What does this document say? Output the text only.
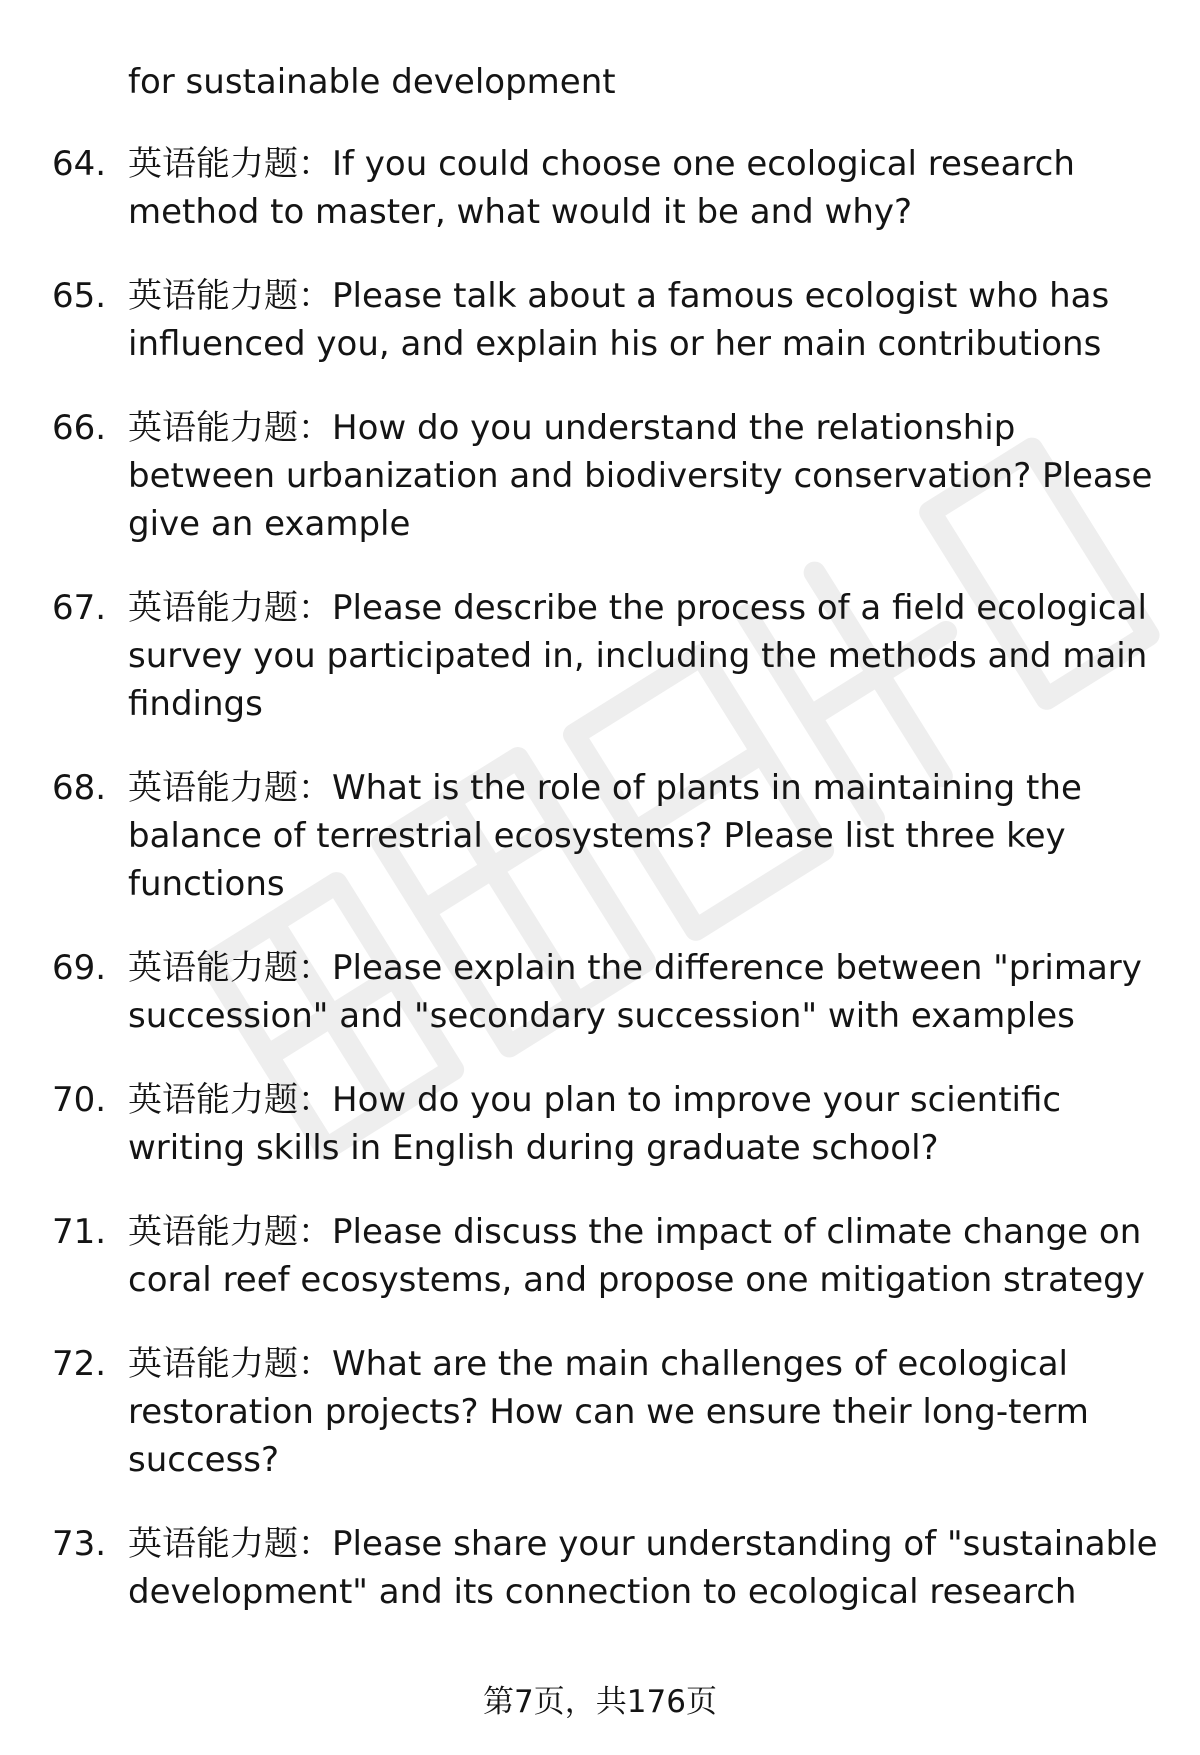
for sustainable development

64. 英语能力题：If you could choose one ecological research method to master, what would it be and why?
65. 英语能力题：Please talk about a famous ecologist who has influenced you, and explain his or her main contributions
66. 英语能力题：How do you understand the relationship between urbanization and biodiversity conservation? Please give an example
67. 英语能力题：Please describe the process of a field ecological survey you participated in, including the methods and main findings
68. 英语能力题：What is the role of plants in maintaining the balance of terrestrial ecosystems? Please list three key functions
69. 英语能力题：Please explain the difference between "primary succession" and "secondary succession" with examples
70. 英语能力题：How do you plan to improve your scientific writing skills in English during graduate school?
71. 英语能力题：Please discuss the impact of climate change on coral reef ecosystems, and propose one mitigation strategy
72. 英语能力题：What are the main challenges of ecological restoration projects? How can we ensure their long-term success?
73. 英语能力题：Please share your understanding of "sustainable development" and its connection to ecological research
第7页，共176页
